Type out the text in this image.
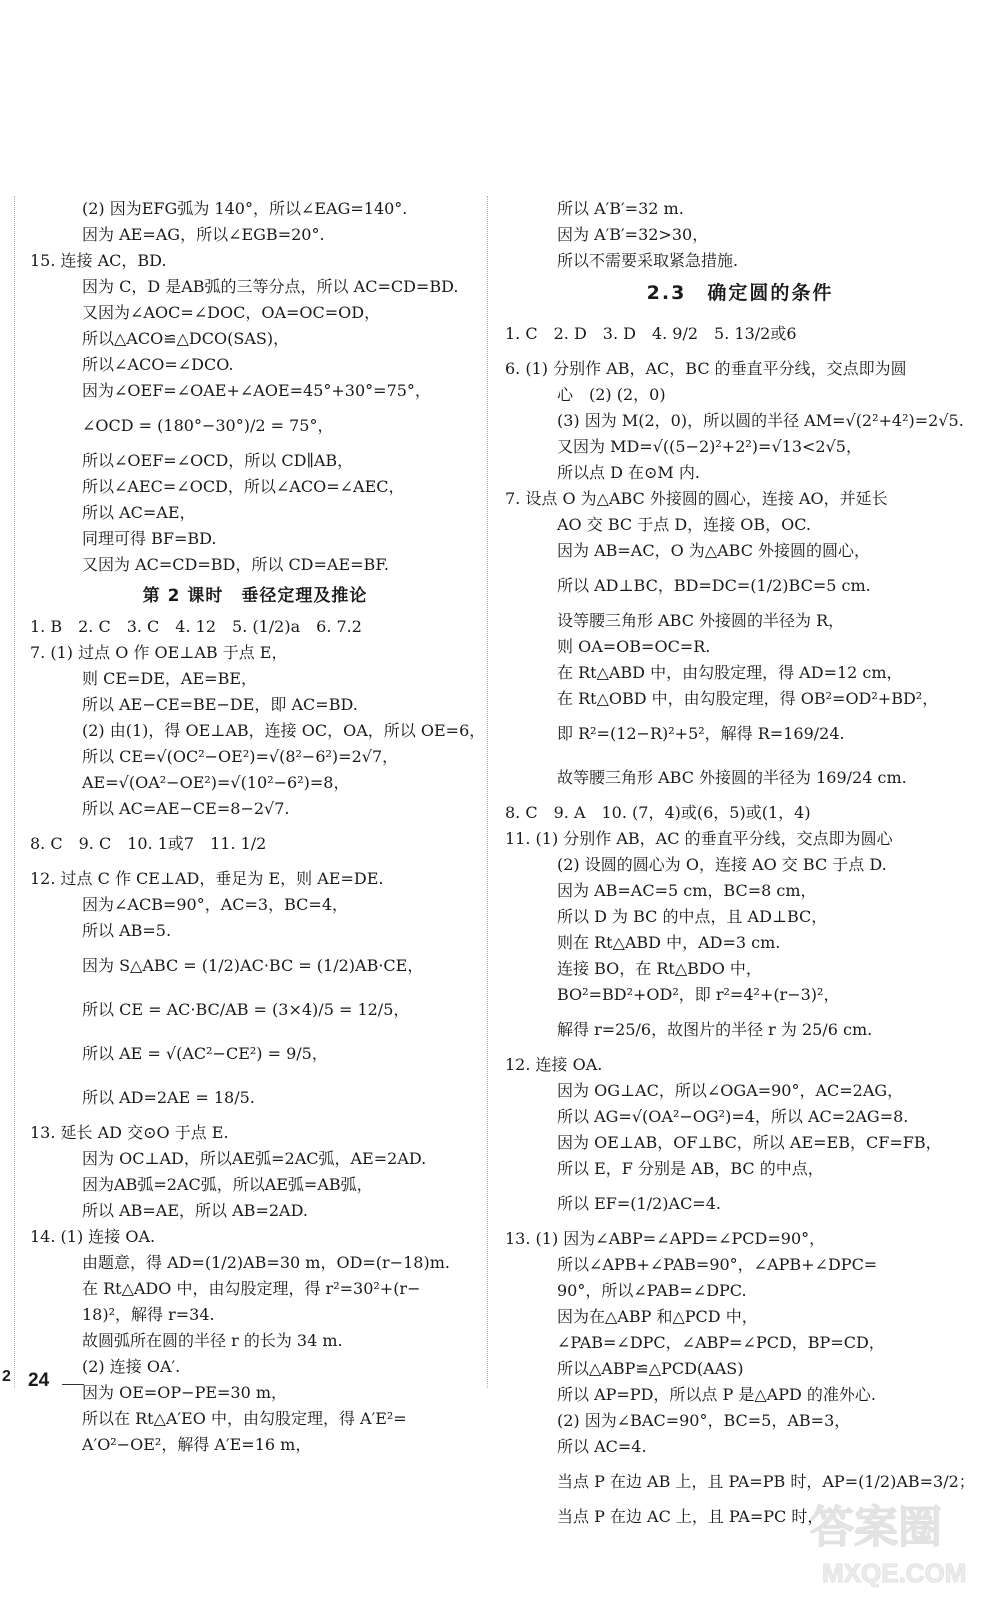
(2) 因为EFG弧为 140°，所以∠EAG=140°.
因为 AE=AG，所以∠EGB=20°.
15. 连接 AC，BD.
因为 C，D 是AB弧的三等分点，所以 AC=CD=BD.
又因为∠AOC=∠DOC，OA=OC=OD，
所以△ACO≌△DCO(SAS)，
所以∠ACO=∠DCO.
因为∠OEF=∠OAE+∠AOE=45°+30°=75°，
∠OCD = (180°−30°)/2 = 75°，
所以∠OEF=∠OCD，所以 CD∥AB，
所以∠AEC=∠OCD，所以∠ACO=∠AEC，
所以 AC=AE，
同理可得 BF=BD.
又因为 AC=CD=BD，所以 CD=AE=BF.
第 2 课时　垂径定理及推论
1. B　2. C　3. C　4. 12　5. (1/2)a　6. 7.2
7. (1) 过点 O 作 OE⊥AB 于点 E，
则 CE=DE，AE=BE，
所以 AE−CE=BE−DE，即 AC=BD.
(2) 由(1)，得 OE⊥AB，连接 OC，OA，所以 OE=6，
所以 CE=√(OC²−OE²)=√(8²−6²)=2√7，
AE=√(OA²−OE²)=√(10²−6²)=8，
所以 AC=AE−CE=8−2√7.
8. C　9. C　10. 1或7　11. 1/2
12. 过点 C 作 CE⊥AD，垂足为 E，则 AE=DE.
因为∠ACB=90°，AC=3，BC=4，
所以 AB=5.
因为 S△ABC = (1/2)AC·BC = (1/2)AB·CE，
所以 CE = AC·BC/AB = (3×4)/5 = 12/5，
所以 AE = √(AC²−CE²) = 9/5，
所以 AD=2AE = 18/5.
13. 延长 AD 交⊙O 于点 E.
因为 OC⊥AD，所以AE弧=2AC弧，AE=2AD.
因为AB弧=2AC弧，所以AE弧=AB弧，
所以 AB=AE，所以 AB=2AD.
14. (1) 连接 OA.
由题意，得 AD=(1/2)AB=30 m，OD=(r−18)m.
在 Rt△ADO 中，由勾股定理，得 r²=30²+(r−
18)²，解得 r=34.
故圆弧所在圆的半径 r 的长为 34 m.
(2) 连接 OA′.
因为 OE=OP−PE=30 m，
所以在 Rt△A′EO 中，由勾股定理，得 A′E²=
A′O²−OE²，解得 A′E=16 m，
所以 A′B′=32 m.
因为 A′B′=32>30，
所以不需要采取紧急措施.
2.3　确定圆的条件
1. C　2. D　3. D　4. 9/2　5. 13/2或6
6. (1) 分别作 AB，AC，BC 的垂直平分线，交点即为圆
心　(2) (2，0)
(3) 因为 M(2，0)，所以圆的半径 AM=√(2²+4²)=2√5.
又因为 MD=√((5−2)²+2²)=√13<2√5，
所以点 D 在⊙M 内.
7. 设点 O 为△ABC 外接圆的圆心，连接 AO，并延长
AO 交 BC 于点 D，连接 OB，OC.
因为 AB=AC，O 为△ABC 外接圆的圆心，
所以 AD⊥BC，BD=DC=(1/2)BC=5 cm.
设等腰三角形 ABC 外接圆的半径为 R，
则 OA=OB=OC=R.
在 Rt△ABD 中，由勾股定理，得 AD=12 cm，
在 Rt△OBD 中，由勾股定理，得 OB²=OD²+BD²，
即 R²=(12−R)²+5²，解得 R=169/24.
故等腰三角形 ABC 外接圆的半径为 169/24 cm.
8. C　9. A　10. (7，4)或(6，5)或(1，4)
11. (1) 分别作 AB，AC 的垂直平分线，交点即为圆心
(2) 设圆的圆心为 O，连接 AO 交 BC 于点 D.
因为 AB=AC=5 cm，BC=8 cm，
所以 D 为 BC 的中点，且 AD⊥BC，
则在 Rt△ABD 中，AD=3 cm.
连接 BO，在 Rt△BDO 中，
BO²=BD²+OD²，即 r²=4²+(r−3)²，
解得 r=25/6，故图片的半径 r 为 25/6 cm.
12. 连接 OA.
因为 OG⊥AC，所以∠OGA=90°，AC=2AG，
所以 AG=√(OA²−OG²)=4，所以 AC=2AG=8.
因为 OE⊥AB，OF⊥BC，所以 AE=EB，CF=FB，
所以 E，F 分别是 AB，BC 的中点，
所以 EF=(1/2)AC=4.
13. (1) 因为∠ABP=∠APD=∠PCD=90°，
所以∠APB+∠PAB=90°，∠APB+∠DPC=
90°，所以∠PAB=∠DPC.
因为在△ABP 和△PCD 中，
∠PAB=∠DPC，∠ABP=∠PCD，BP=CD，
所以△ABP≌△PCD(AAS)
所以 AP=PD，所以点 P 是△APD 的准外心.
(2) 因为∠BAC=90°，BC=5，AB=3，
所以 AC=4.
当点 P 在边 AB 上，且 PA=PB 时，AP=(1/2)AB=3/2；
当点 P 在边 AC 上，且 PA=PC 时，
2 24
答案圈
MXQE.COM
